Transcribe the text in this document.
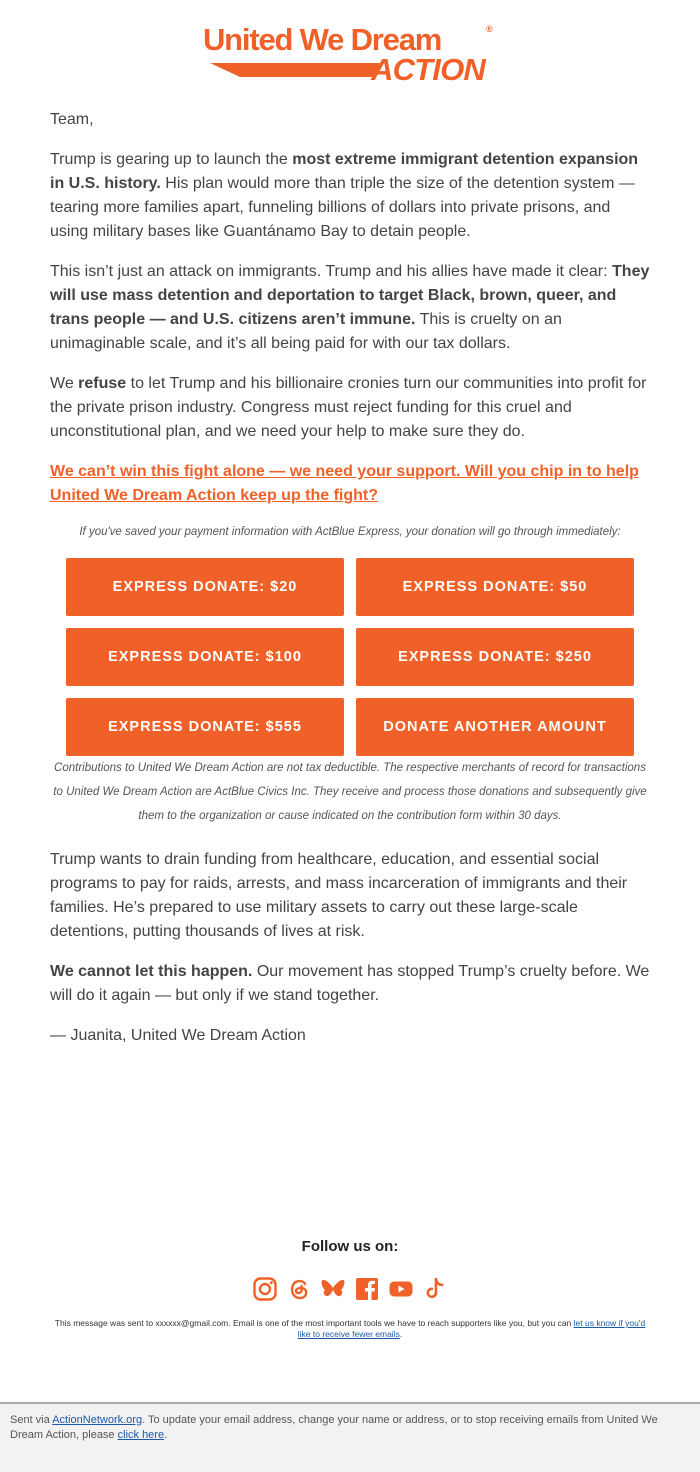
United We Dream	®
ACTION

Team,

Trump is gearing up to launch the most extreme immigrant detention expansion in U.S. history. His plan would more than triple the size of the detention system — tearing more families apart, funneling billions of dollars into private prisons, and using military bases like Guantánamo Bay to detain people.

This isn’t just an attack on immigrants. Trump and his allies have made it clear: They will use mass detention and deportation to target Black, brown, queer, and trans people — and U.S. citizens aren’t immune. This is cruelty on an unimaginable scale, and it’s all being paid for with our tax dollars.

We refuse to let Trump and his billionaire cronies turn our communities into profit for the private prison industry. Congress must reject funding for this cruel and unconstitutional plan, and we need your help to make sure they do.

We can’t win this fight alone — we need your support. Will you chip in to help United We Dream Action keep up the fight?
If you've saved your payment information with ActBlue Express, your donation will go through immediately:
EXPRESS DONATE: $20	EXPRESS DONATE: $50
EXPRESS DONATE: $100	EXPRESS DONATE: $250
EXPRESS DONATE: $555	DONATE ANOTHER AMOUNT
Contributions to United We Dream Action are not tax deductible. The respective merchants of record for transactions to United We Dream Action are ActBlue Civics Inc. They receive and process those donations and subsequently give them to the organization or cause indicated on the contribution form within 30 days.

Trump wants to drain funding from healthcare, education, and essential social programs to pay for raids, arrests, and mass incarceration of immigrants and their families. He’s prepared to use military assets to carry out these large-scale detentions, putting thousands of lives at risk.

We cannot let this happen. Our movement has stopped Trump’s cruelty before. We will do it again — but only if we stand together.

— Juanita, United We Dream Action

Follow us on:
This message was sent to xxxxxx@gmail.com. Email is one of the most important tools we have to reach supporters like you, but you can let us know if you'd like to receive fewer emails.
Sent via ActionNetwork.org. To update your email address, change your name or address, or to stop receiving emails from United We Dream Action, please click here.
